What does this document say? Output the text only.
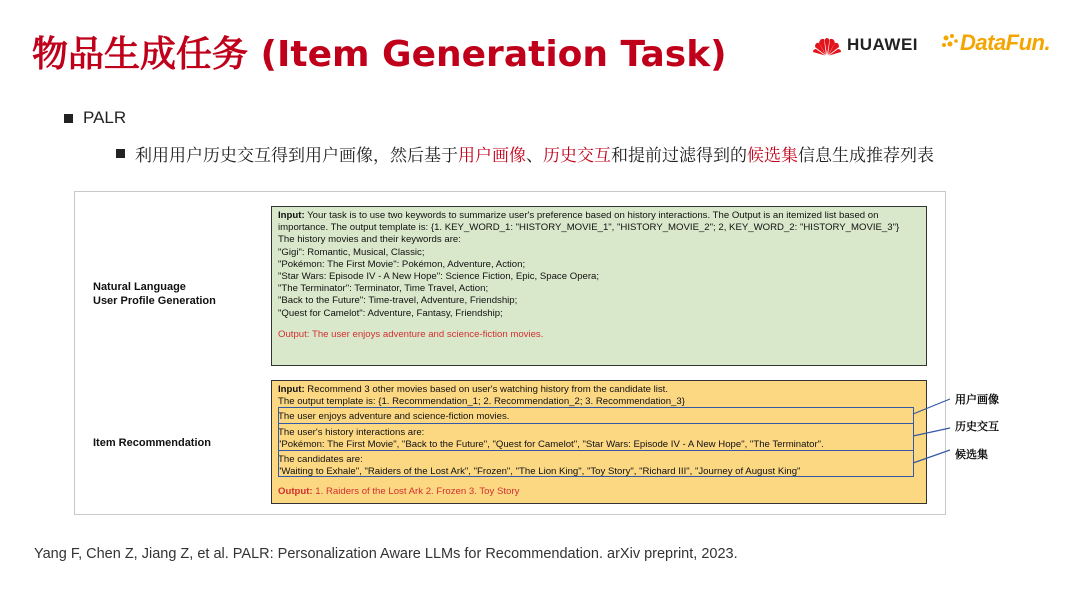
物品生成任务 (Item Generation Task)	HUAWEI DataFun.
PALR
利用用户历史交互得到用户画像，然后基于 用户画像 、 历史交互 和提前过滤得到的 候选集 信息生成推荐列表
Natural Language
User Profile Generation

Input: Your task is to use two keywords to summarize user's preference based on history interactions. The Output is an itemized list based on importance. The output template is: {1. KEY_WORD_1: "HISTORY_MOVIE_1", "HISTORY_MOVIE_2"; 2, KEY_WORD_2: "HISTORY_MOVIE_3"}

The history movies and their keywords are:

"Gigi": Romantic, Musical, Classic;

"Pokémon: The First Movie": Pokémon, Adventure, Action;

"Star Wars: Episode IV - A New Hope": Science Fiction, Epic, Space Opera;

"The Terminator": Terminator, Time Travel, Action;

"Back to the Future": Time-travel, Adventure, Friendship;

"Quest for Camelot": Adventure, Fantasy, Friendship;

Output: The user enjoys adventure and science-fiction movies.

Item Recommendation

Input: Recommend 3 other movies based on user's watching history from the candidate list.

The output template is: {1. Recommendation_1; 2. Recommendation_2; 3. Recommendation_3}

The user enjoys adventure and science-fiction movies.

The user's history interactions are:

"Pokémon: The First Movie", "Back to the Future", "Quest for Camelot", "Star Wars: Episode IV - A New Hope", "The Terminator".

The candidates are:

"Waiting to Exhale", "Raiders of the Lost Ark", "Frozen", "The Lion King", "Toy Story", "Richard III", "Journey of August King"

Output: 1. Raiders of the Lost Ark 2. Frozen 3. Toy Story

用户画像
历史交互
候选集
Yang F, Chen Z, Jiang Z, et al. PALR: Personalization Aware LLMs for Recommendation. arXiv preprint, 2023.
